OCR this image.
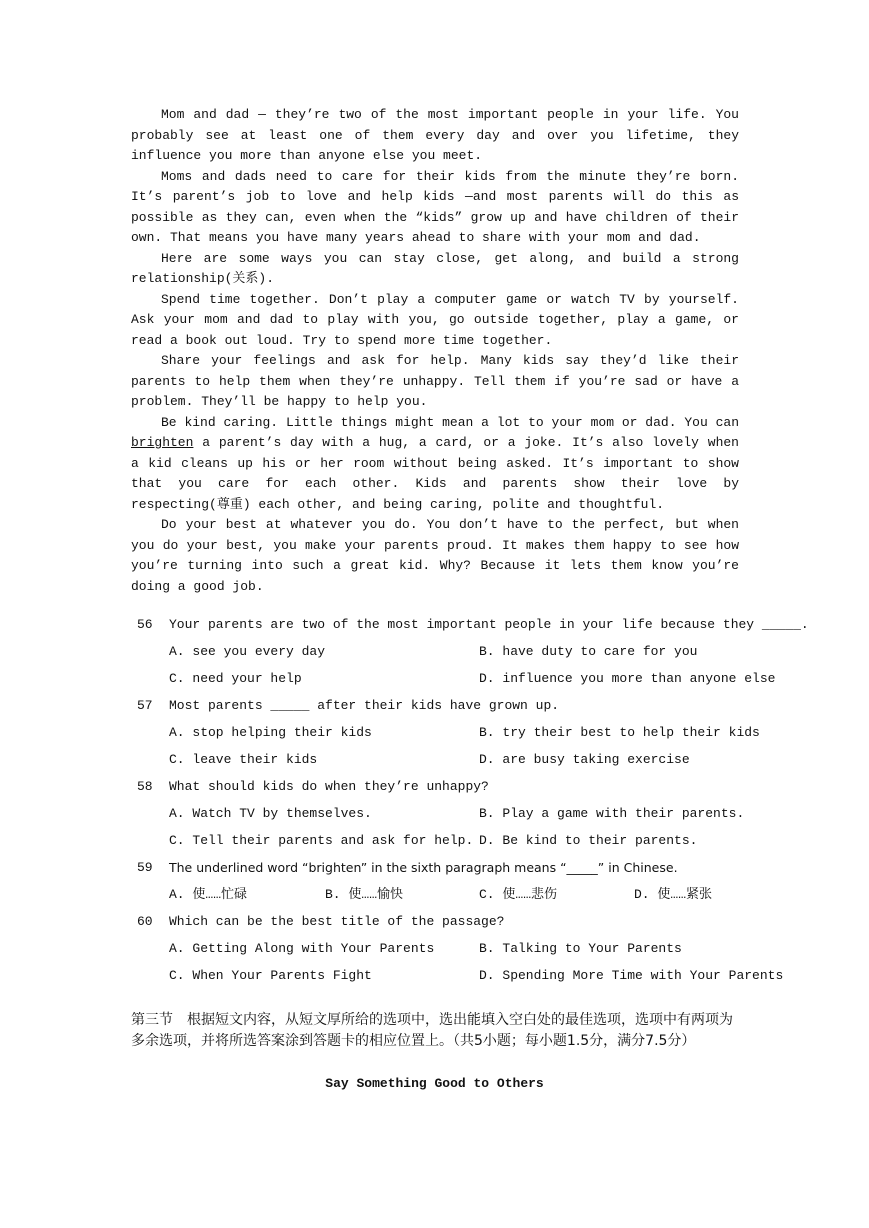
Mom and dad — they’re two of the most important people in your life. You probably see at least one of them every day and over you lifetime, they influence you more than anyone else you meet.

Moms and dads need to care for their kids from the minute they’re born. It’s parent’s job to love and help kids —and most parents will do this as possible as they can, even when the “kids” grow up and have children of their own. That means you have many years ahead to share with your mom and dad.

Here are some ways you can stay close, get along, and build a strong relationship(关系).

Spend time together. Don’t play a computer game or watch TV by yourself. Ask your mom and dad to play with you, go outside together, play a game, or read a book out loud. Try to spend more time together.

Share your feelings and ask for help. Many kids say they’d like their parents to help them when they’re unhappy. Tell them if you’re sad or have a problem. They’ll be happy to help you.

Be kind caring. Little things might mean a lot to your mom or dad. You can brighten a parent’s day with a hug, a card, or a joke. It’s also lovely when a kid cleans up his or her room without being asked. It’s important to show that you care for each other. Kids and parents show their love by respecting(尊重) each other, and being caring, polite and thoughtful.

Do your best at whatever you do. You don’t have to the perfect, but when you do your best, you make your parents proud. It makes them happy to see how you’re turning into such a great kid. Why? Because it lets them know you’re doing a good job.

56 Your parents are two of the most important people in your life because they _____.
A. see you every day	B. have duty to care for you
C. need your help	D. influence you more than anyone else
57 Most parents _____ after their kids have grown up.
A. stop helping their kids	B. try their best to help their kids
C. leave their kids	D. are busy taking exercise
58 What should kids do when they’re unhappy?
A. Watch TV by themselves.	B. Play a game with their parents.
C. Tell their parents and ask for help. D. Be kind to their parents.
59 The underlined word “brighten” in the sixth paragraph means “_____” in Chinese.
A. 使……忙碌	B. 使……愉快	C. 使……悲伤	D. 使……紧张
60 Which can be the best title of the passage?
A. Getting Along with Your Parents	B. Talking to Your Parents
C. When Your Parents Fight	D. Spending More Time with Your Parents
第三节　根据短文内容，从短文厚所给的选项中，选出能填入空白处的最佳选项，选项中有两项为多余选项，并将所选答案涂到答题卡的相应位置上。（共5小题；每小题1.5分，满分7.5分）
Say Something Good to Others
